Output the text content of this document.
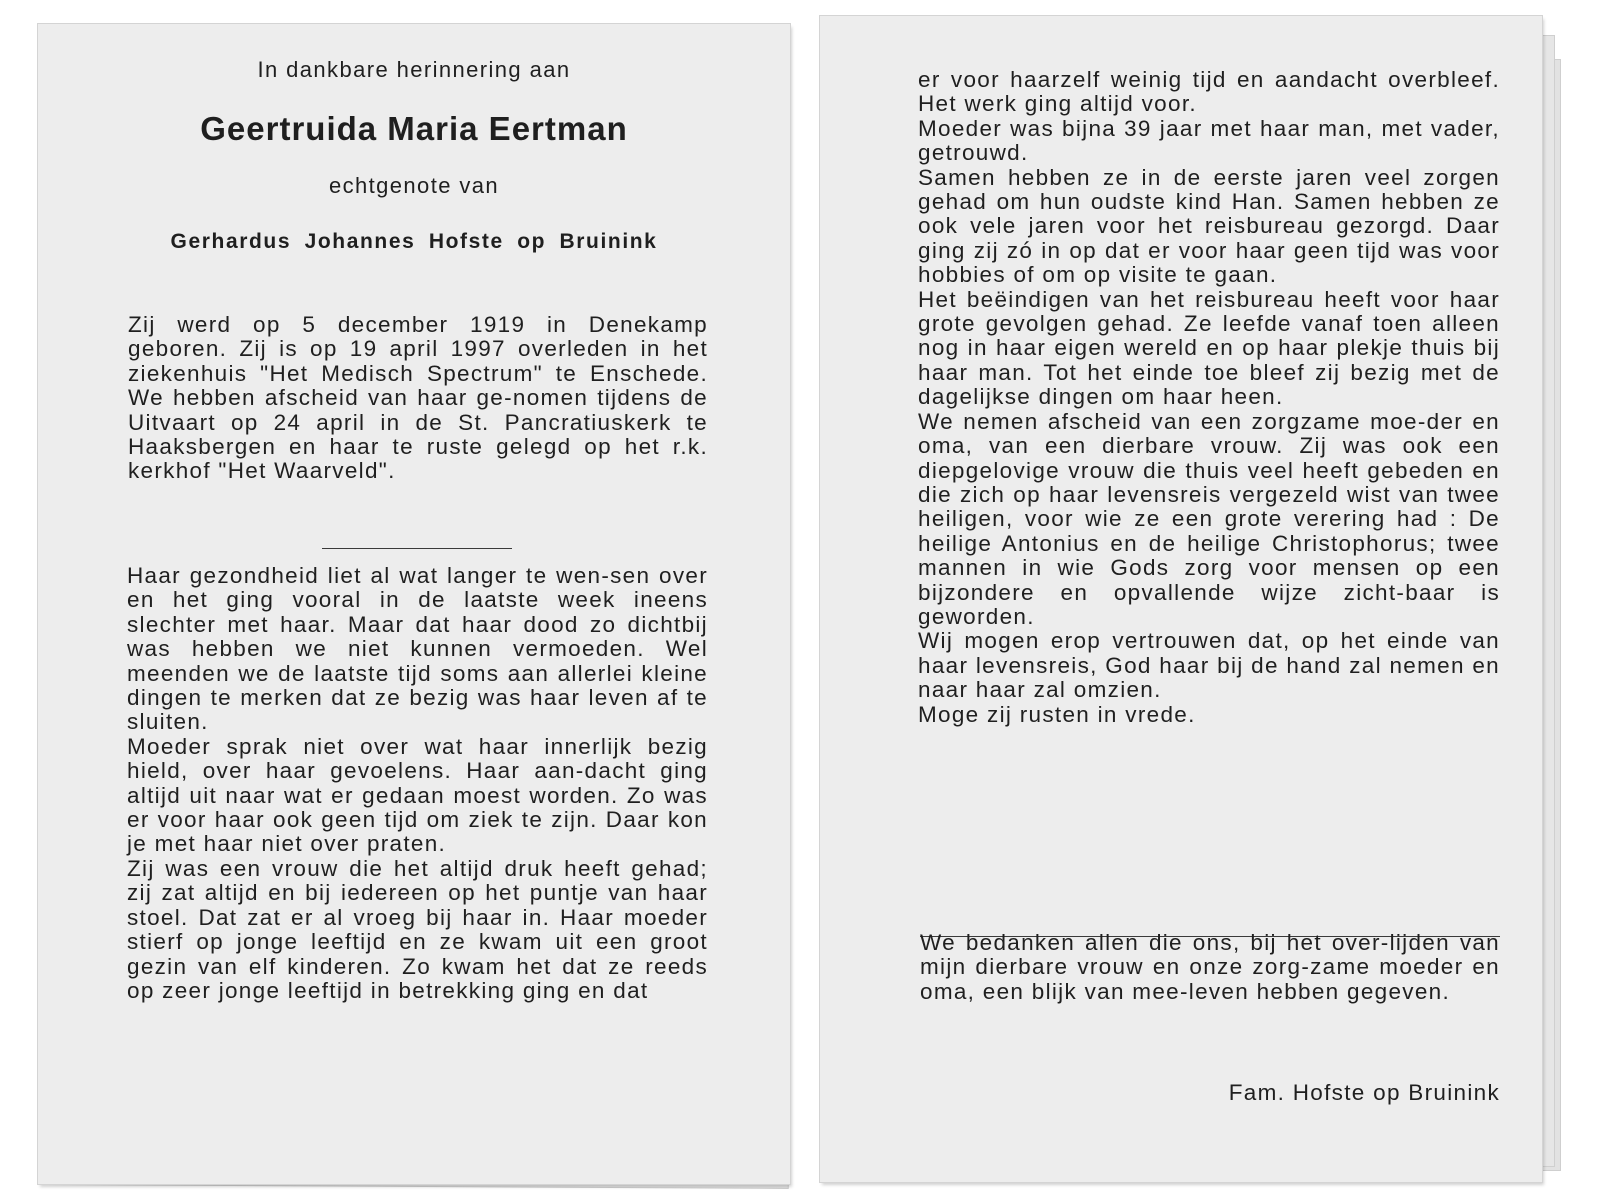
In dankbare herinnering aan
Geertruida Maria Eertman
echtgenote van
Gerhardus Johannes Hofste op Bruinink

Zij werd op 5 december 1919 in Denekamp geboren. Zij is op 19 april 1997 overleden in het ziekenhuis "Het Medisch Spectrum" te Enschede. We hebben afscheid van haar ge-nomen tijdens de Uitvaart op 24 april in de St. Pancratiuskerk te Haaksbergen en haar te ruste gelegd op het r.k. kerkhof "Het Waarveld".

Haar gezondheid liet al wat langer te wen-sen over en het ging vooral in de laatste week ineens slechter met haar. Maar dat haar dood zo dichtbij was hebben we niet kunnen vermoeden. Wel meenden we de laatste tijd soms aan allerlei kleine dingen te merken dat ze bezig was haar leven af te sluiten.

Moeder sprak niet over wat haar innerlijk bezig hield, over haar gevoelens. Haar aan-dacht ging altijd uit naar wat er gedaan moest worden. Zo was er voor haar ook geen tijd om ziek te zijn. Daar kon je met haar niet over praten.

Zij was een vrouw die het altijd druk heeft gehad; zij zat altijd en bij iedereen op het puntje van haar stoel. Dat zat er al vroeg bij haar in. Haar moeder stierf op jonge leeftijd en ze kwam uit een groot gezin van elf kinderen. Zo kwam het dat ze reeds op zeer jonge leeftijd in betrekking ging en dat

er voor haarzelf weinig tijd en aandacht overbleef. Het werk ging altijd voor.

Moeder was bijna 39 jaar met haar man, met vader, getrouwd.

Samen hebben ze in de eerste jaren veel zorgen gehad om hun oudste kind Han. Samen hebben ze ook vele jaren voor het reisbureau gezorgd. Daar ging zij zó in op dat er voor haar geen tijd was voor hobbies of om op visite te gaan.

Het beëindigen van het reisbureau heeft voor haar grote gevolgen gehad. Ze leefde vanaf toen alleen nog in haar eigen wereld en op haar plekje thuis bij haar man. Tot het einde toe bleef zij bezig met de dagelijkse dingen om haar heen.

We nemen afscheid van een zorgzame moe-der en oma, van een dierbare vrouw. Zij was ook een diepgelovige vrouw die thuis veel heeft gebeden en die zich op haar levensreis vergezeld wist van twee heiligen, voor wie ze een grote verering had : De heilige Antonius en de heilige Christophorus; twee mannen in wie Gods zorg voor mensen op een bijzondere en opvallende wijze zicht-baar is geworden.

Wij mogen erop vertrouwen dat, op het einde van haar levensreis, God haar bij de hand zal nemen en naar haar zal omzien.

Moge zij rusten in vrede.

We bedanken allen die ons, bij het over-lijden van mijn dierbare vrouw en onze zorg-zame moeder en oma, een blijk van mee-leven hebben gegeven.

Fam. Hofste op Bruinink
